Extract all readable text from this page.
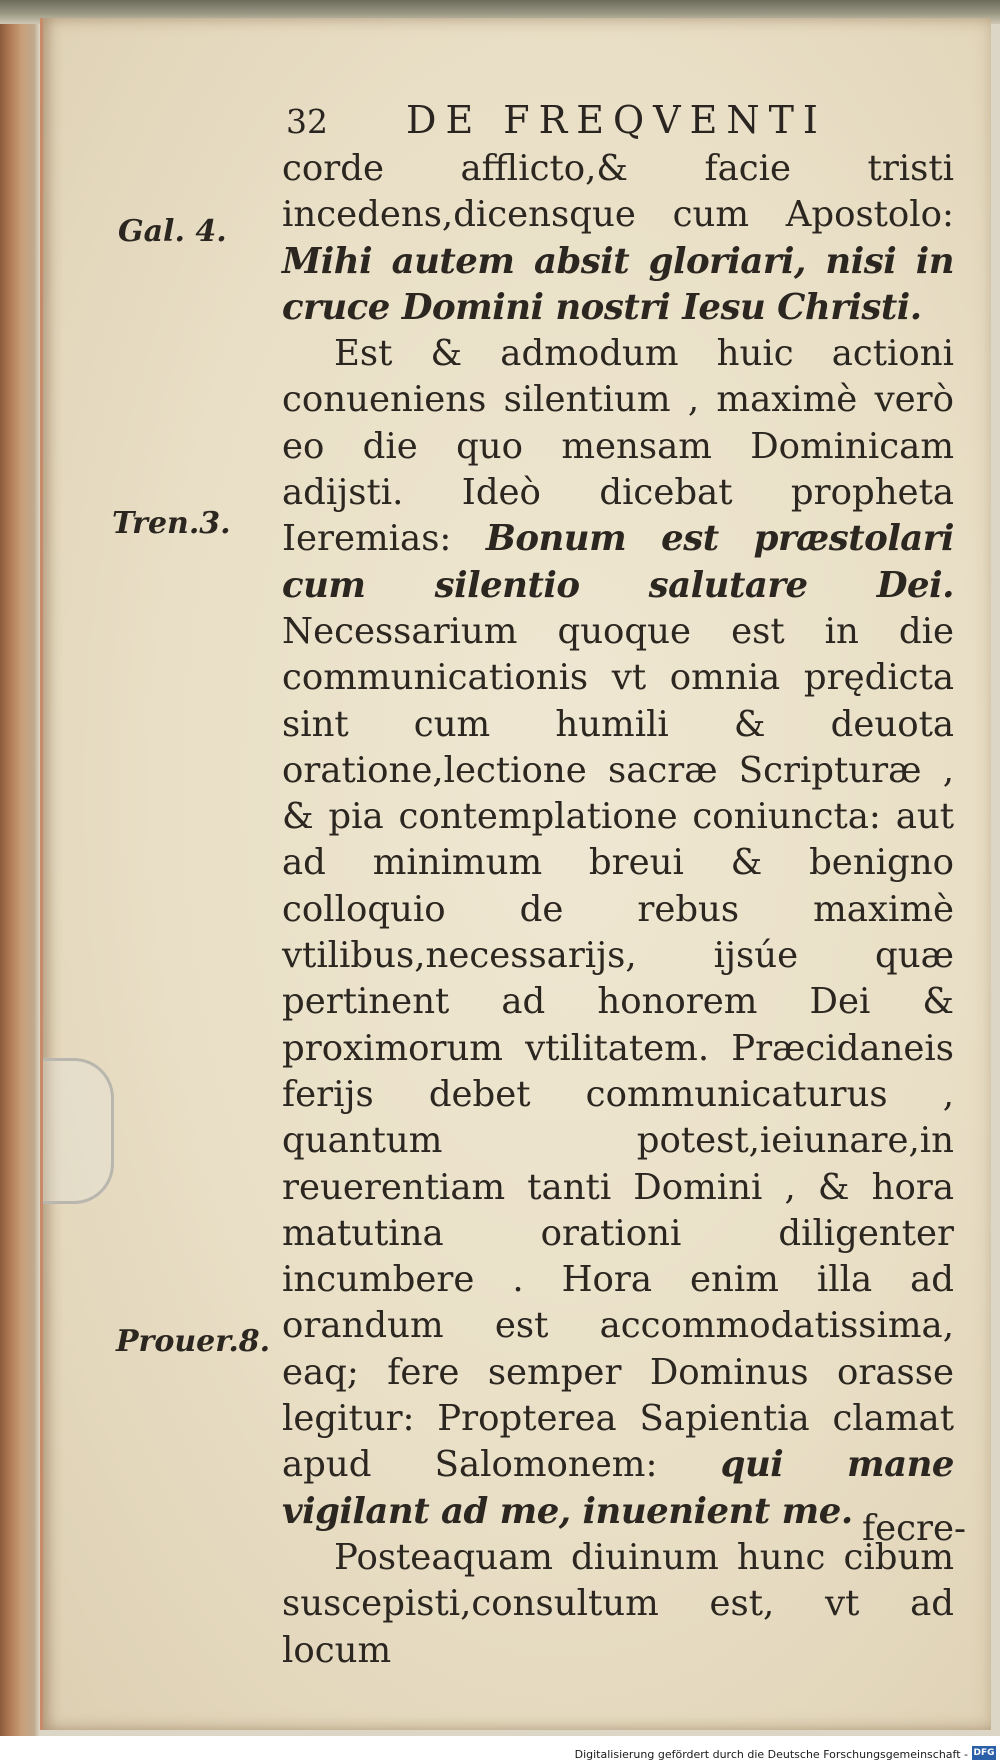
32 DE FREQVENTI
Gal. 4.
Tren.3.
Prouer.8.

corde afflicto,& facie tristi incedens,dicensque cum Apostolo: Mihi autem absit gloriari, nisi in cruce Domini nostri Iesu Christi.

Est & admodum huic actioni conueniens silentium , maximè verò eo die quo mensam Dominicam adijsti. Ideò dicebat propheta Ieremias: Bonum est præstolari cum silentio salutare Dei. Necessarium quoque est in die communicationis vt omnia prędicta sint cum humili & deuota oratione,lectione sacræ Scripturæ , & pia contemplatione coniuncta: aut ad minimum breui & benigno colloquio de rebus maximè vtilibus,necessarijs, ijsúe quæ pertinent ad honorem Dei & proximorum vtilitatem. Præcidaneis ferijs debet communicaturus , quantum potest,ieiunare,in reuerentiam tanti Domini , & hora matutina orationi diligenter incumbere . Hora enim illa ad orandum est accommodatissima, eaq; fere semper Dominus orasse legitur: Propterea Sapientia clamat apud Salomonem: qui mane vigilant ad me, inuenient me.

Posteaquam diuinum hunc cibum suscepisti,consultum est, vt ad locum

fecre-
Digitalisierung gefördert durch die Deutsche Forschungsgemeinschaft - DFG
